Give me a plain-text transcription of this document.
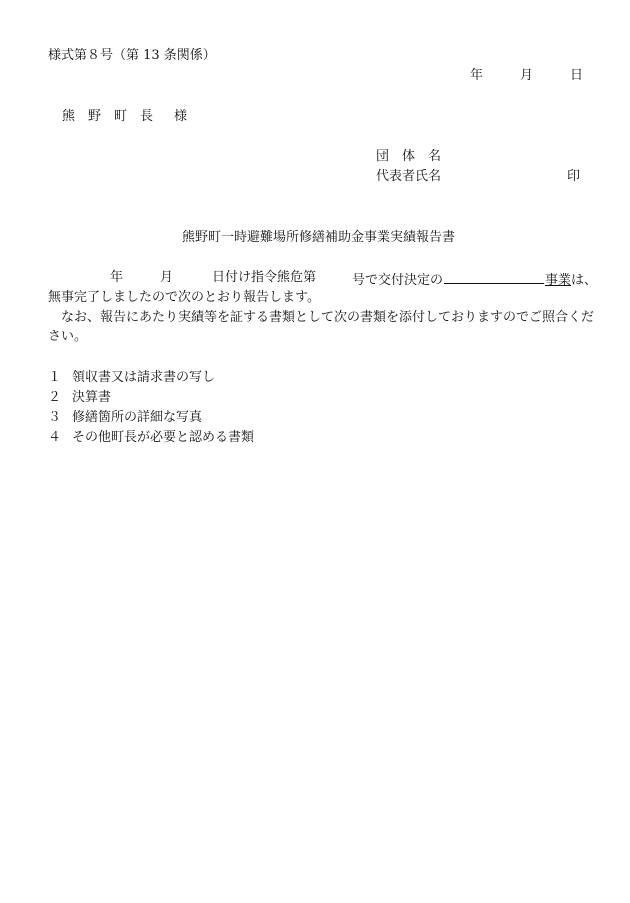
様式第８号（第 13 条関係）
年	月	日
熊　野　町　長 様
団　体　名
代表者氏名	印
熊野町一時避難場所修繕補助金事業実績報告書
年	月	日付け指令熊危第	号で交付決定の	事業は、
無事完了しましたので次のとおり報告します。
なお、報告にあたり実績等を証する書類として次の書類を添付しておりますのでご照合くだ
さい。
１ 領収書又は請求書の写し
２ 決算書
３ 修繕箇所の詳細な写真
４ その他町長が必要と認める書類
